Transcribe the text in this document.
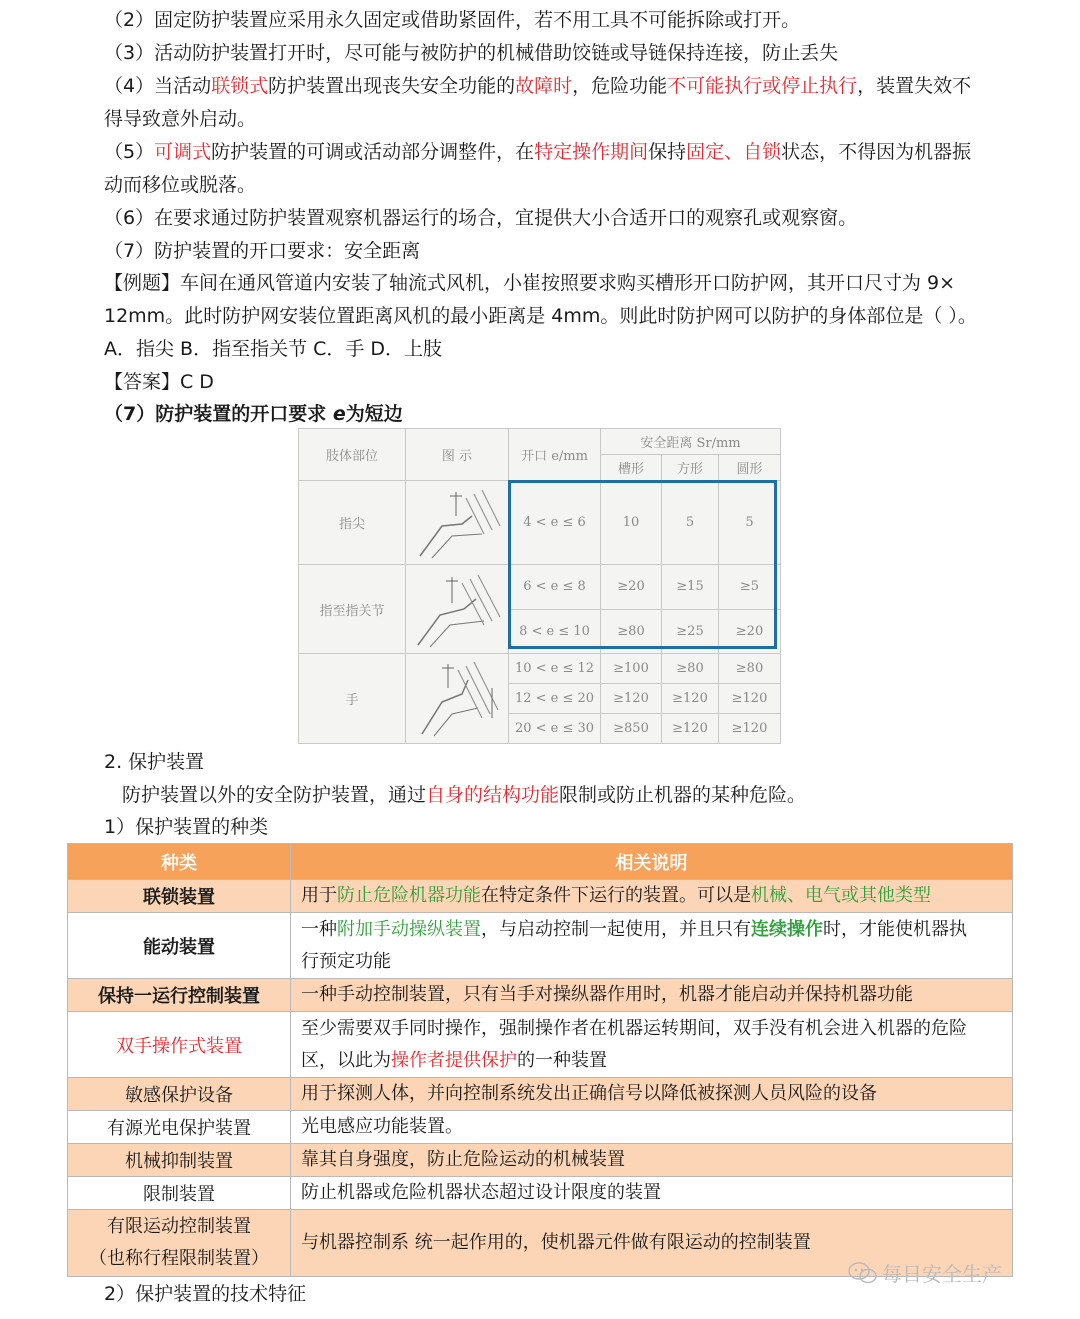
（2）固定防护装置应采用永久固定或借助紧固件，若不用工具不可能拆除或打开。
（3）活动防护装置打开时，尽可能与被防护的机械借助饺链或导链保持连接，防止丢失
（4）当活动联锁式防护装置出现丧失安全功能的故障时，危险功能不可能执行或停止执行，装置失效不
得导致意外启动。
（5）可调式防护装置的可调或活动部分调整件，在特定操作期间保持固定、自锁状态，不得因为机器振
动而移位或脱落。
（6）在要求通过防护装置观察机器运行的场合，宜提供大小合适开口的观察孔或观察窗。
（7）防护装置的开口要求：安全距离
【例题】车间在通风管道内安装了轴流式风机，小崔按照要求购买槽形开口防护网，其开口尺寸为 9×
12mm。此时防护网安装位置距离风机的最小距离是 4mm。则此时防护网可以防护的身体部位是（ ）。
A．指尖 B．指至指关节 C．手 D．上肢
【答案】C D
（7）防护装置的开口要求 e为短边
肢体部位	图 示	开口 e/mm	安全距离 Sr/mm		
			槽形	方形	圆形
指尖		4 < e ≤ 6	10	5	5
指至指关节		6 < e ≤ 8	≥20	≥15	≥5
		8 < e ≤ 10	≥80	≥25	≥20
手		10 < e ≤ 12	≥100	≥80	≥80
		12 < e ≤ 20	≥120	≥120	≥120
		20 < e ≤ 30	≥850	≥120	≥120
2. 保护装置
防护装置以外的安全防护装置，通过自身的结构功能限制或防止机器的某种危险。
1）保护装置的种类
种类	相关说明
联锁装置	用于防止危险机器功能在特定条件下运行的装置。可以是机械、电气或其他类型
能动装置	一种附加手动操纵装置，与启动控制一起使用，并且只有连续操作时，才能使机器执
行预定功能
保持一运行控制装置	一种手动控制装置，只有当手对操纵器作用时，机器才能启动并保持机器功能
双手操作式装置	至少需要双手同时操作，强制操作者在机器运转期间，双手没有机会进入机器的危险
区，以此为操作者提供保护的一种装置
敏感保护设备	用于探测人体，并向控制系统发出正确信号以降低被探测人员风险的设备
有源光电保护装置	光电感应功能装置。
机械抑制装置	靠其自身强度，防止危险运动的机械装置
限制装置	防止机器或危险机器状态超过设计限度的装置
有限运动控制装置
（也称行程限制装置）	与机器控制系 统一起作用的，使机器元件做有限运动的控制装置
2）保护装置的技术特征
每日安全生产
